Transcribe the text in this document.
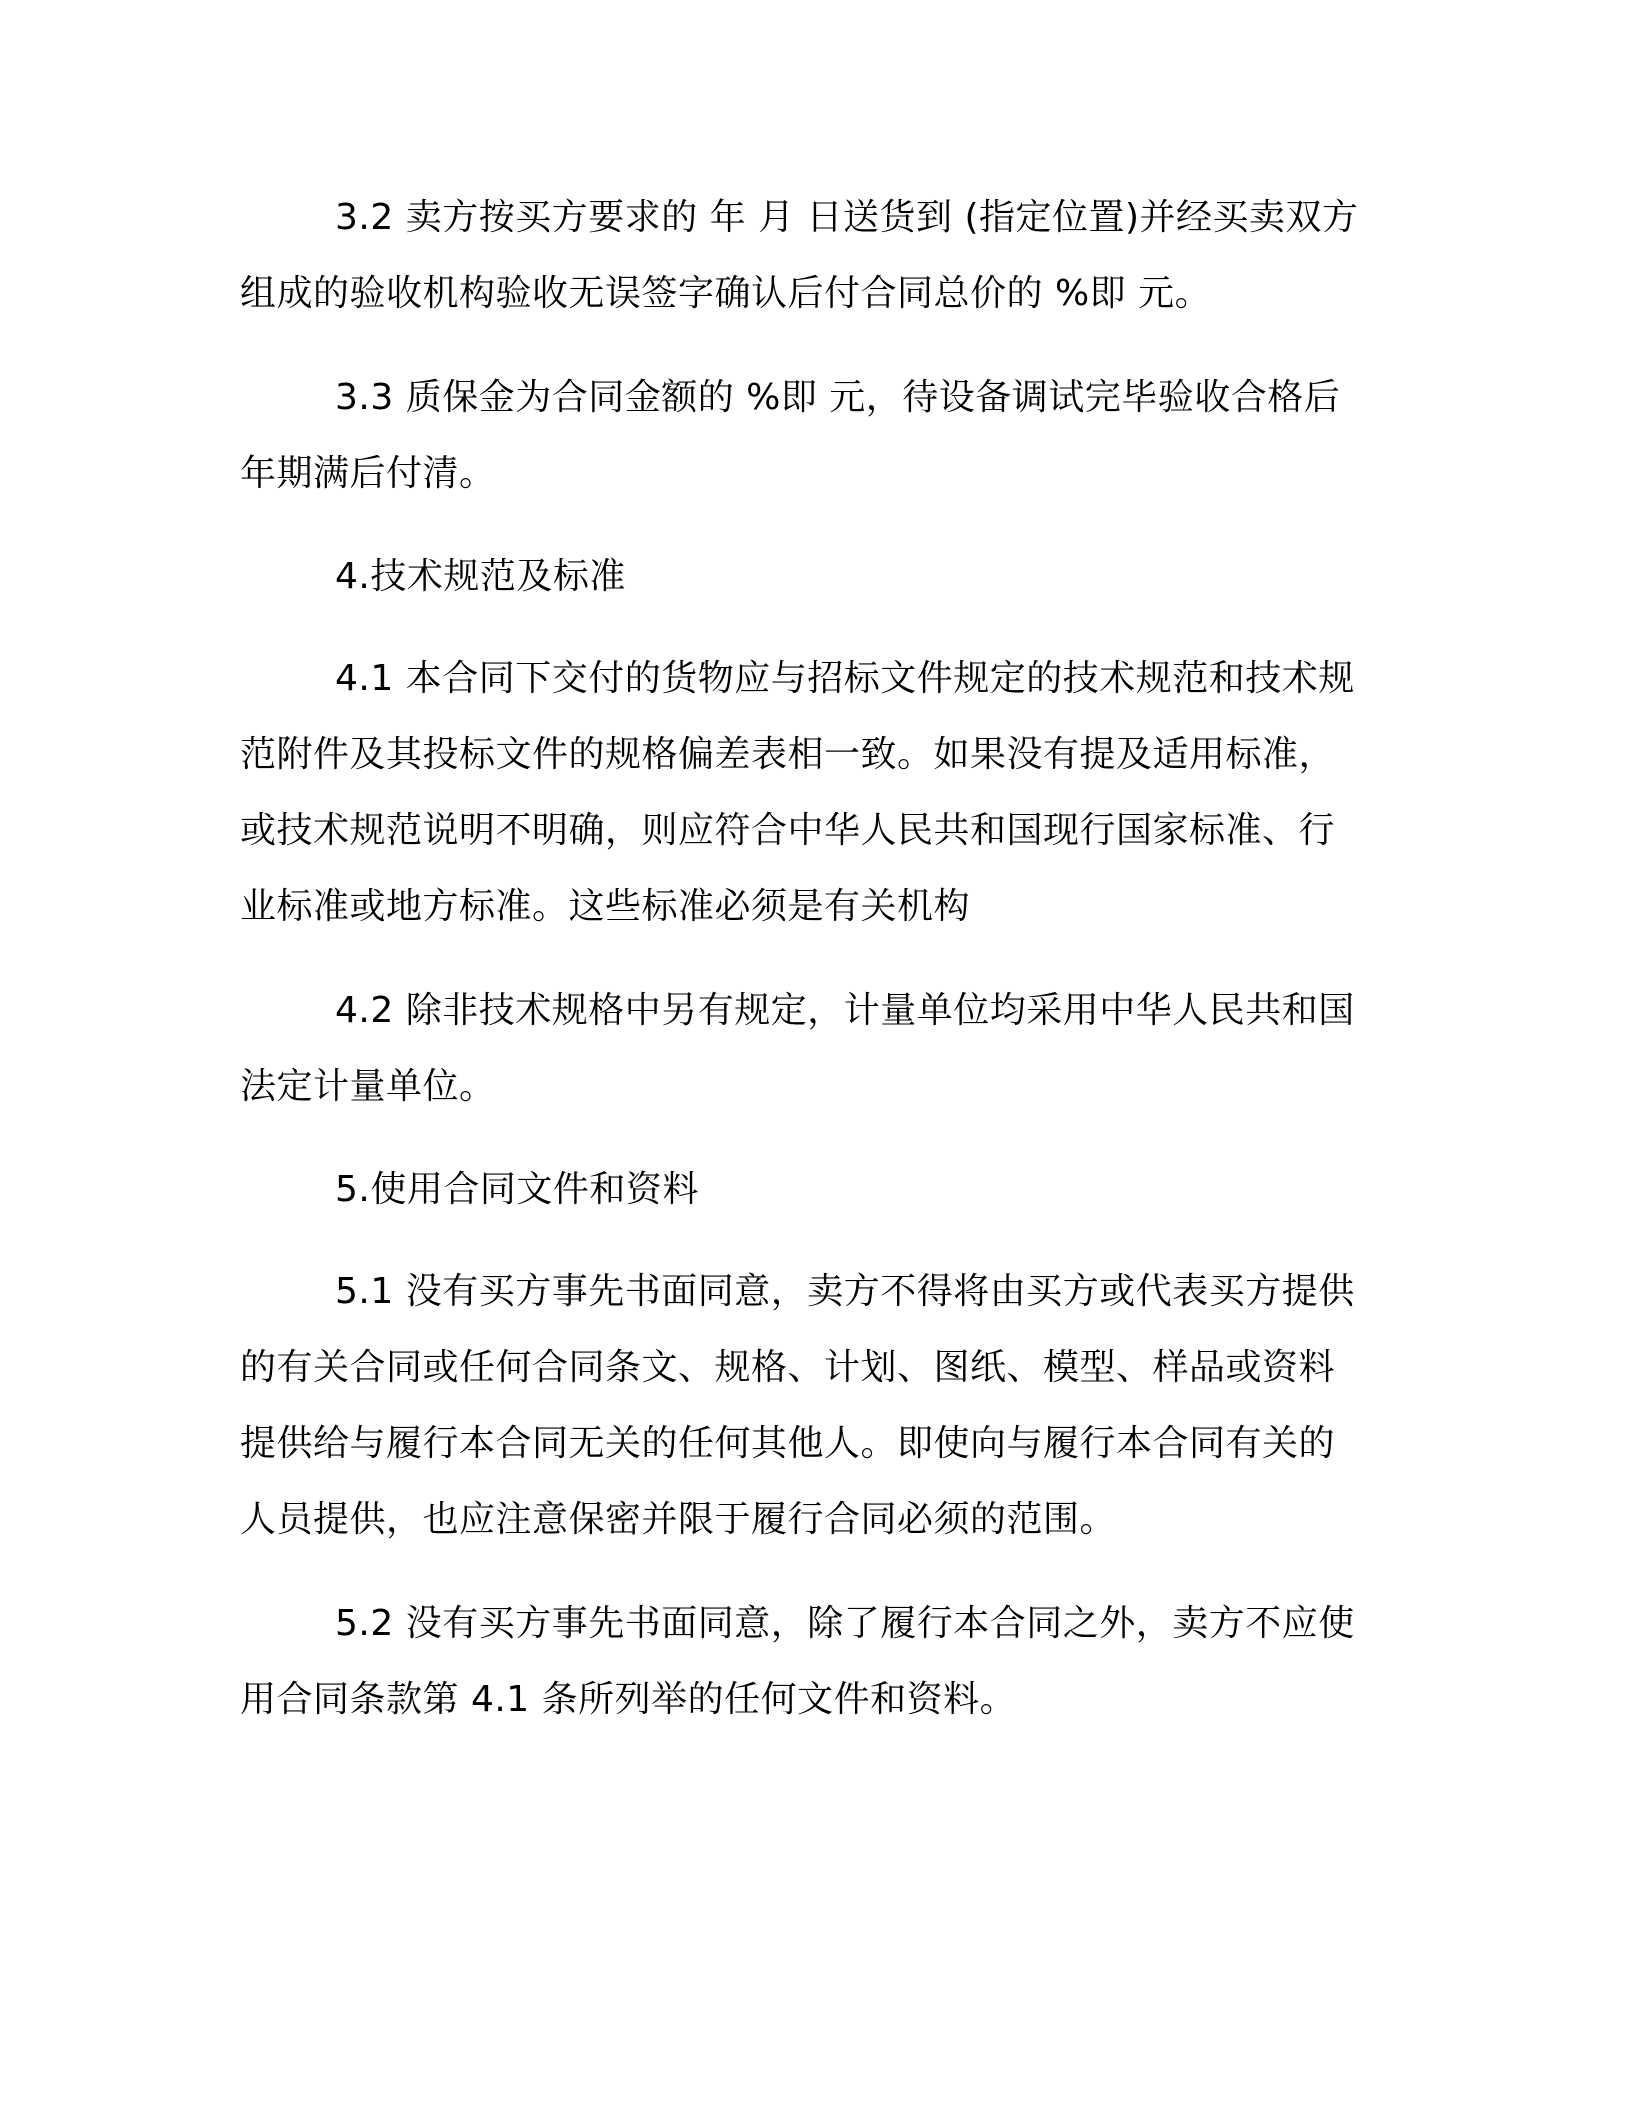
3.2 卖方按买方要求的 年 月 日送货到 (指定位置)并经买卖双方

组成的验收机构验收无误签字确认后付合同总价的 %即 元。

3.3 质保金为合同金额的 %即 元，待设备调试完毕验收合格后

年期满后付清。

4.技术规范及标准

4.1 本合同下交付的货物应与招标文件规定的技术规范和技术规

范附件及其投标文件的规格偏差表相一致。如果没有提及适用标准，

或技术规范说明不明确，则应符合中华人民共和国现行国家标准、行

业标准或地方标准。这些标准必须是有关机构

4.2 除非技术规格中另有规定，计量单位均采用中华人民共和国

法定计量单位。

5.使用合同文件和资料

5.1 没有买方事先书面同意，卖方不得将由买方或代表买方提供

的有关合同或任何合同条文、规格、计划、图纸、模型、样品或资料

提供给与履行本合同无关的任何其他人。即使向与履行本合同有关的

人员提供，也应注意保密并限于履行合同必须的范围。

5.2 没有买方事先书面同意，除了履行本合同之外，卖方不应使

用合同条款第 4.1 条所列举的任何文件和资料。
